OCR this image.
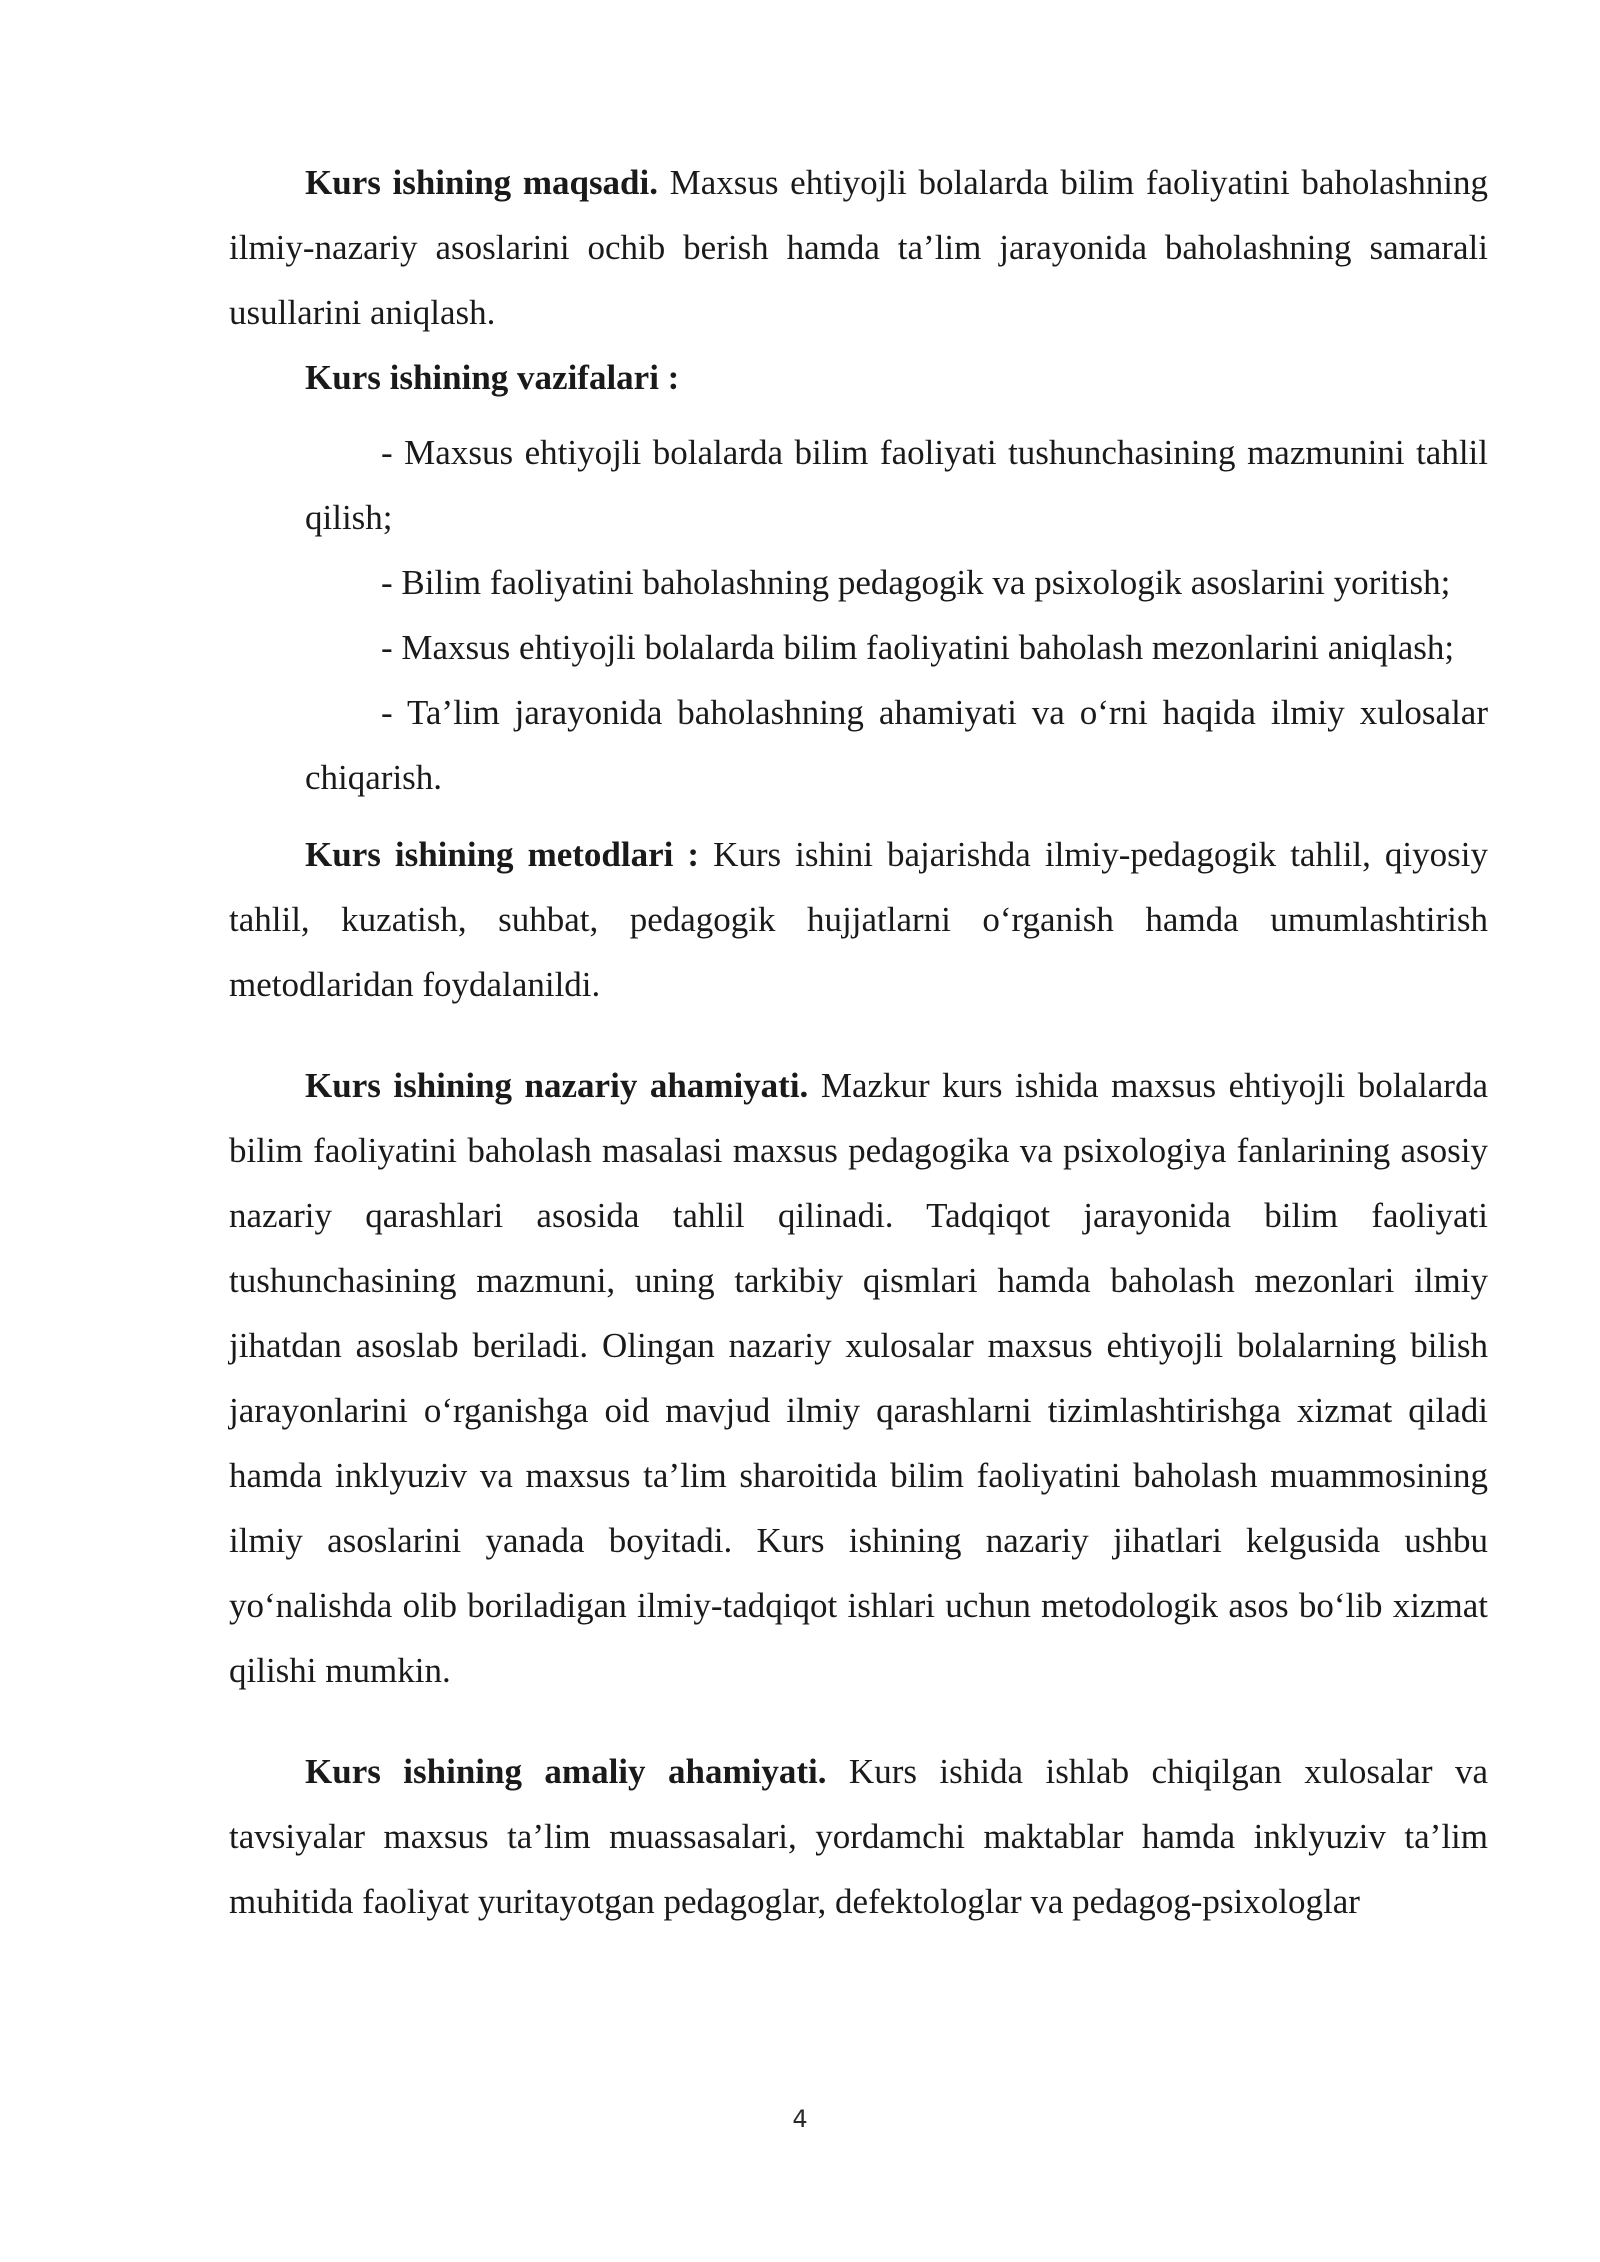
Kurs ishining maqsadi. Maxsus ehtiyojli bolalarda bilim faoliyatini baholashning ilmiy-nazariy asoslarini ochib berish hamda ta’lim jarayonida baholashning samarali usullarini aniqlash.

Kurs ishining vazifalari :

- Maxsus ehtiyojli bolalarda bilim faoliyati tushunchasining mazmunini tahlil qilish;
- Bilim faoliyatini baholashning pedagogik va psixologik asoslarini yoritish;
- Maxsus ehtiyojli bolalarda bilim faoliyatini baholash mezonlarini aniqlash;
- Ta’lim jarayonida baholashning ahamiyati va o‘rni haqida ilmiy xulosalar chiqarish.

Kurs ishining metodlari : Kurs ishini bajarishda ilmiy-pedagogik tahlil, qiyosiy tahlil, kuzatish, suhbat, pedagogik hujjatlarni o‘rganish hamda umumlashtirish metodlaridan foydalanildi.

Kurs ishining nazariy ahamiyati. Mazkur kurs ishida maxsus ehtiyojli bolalarda bilim faoliyatini baholash masalasi maxsus pedagogika va psixologiya fanlarining asosiy nazariy qarashlari asosida tahlil qilinadi. Tadqiqot jarayonida bilim faoliyati tushunchasining mazmuni, uning tarkibiy qismlari hamda baholash mezonlari ilmiy jihatdan asoslab beriladi. Olingan nazariy xulosalar maxsus ehtiyojli bolalarning bilish jarayonlarini o‘rganishga oid mavjud ilmiy qarashlarni tizimlashtirishga xizmat qiladi hamda inklyuziv va maxsus ta’lim sharoitida bilim faoliyatini baholash muammosining ilmiy asoslarini yanada boyitadi. Kurs ishining nazariy jihatlari kelgusida ushbu yo‘nalishda olib boriladigan ilmiy-tadqiqot ishlari uchun metodologik asos bo‘lib xizmat qilishi mumkin.

Kurs ishining amaliy ahamiyati. Kurs ishida ishlab chiqilgan xulosalar va tavsiyalar maxsus ta’lim muassasalari, yordamchi maktablar hamda inklyuziv ta’lim muhitida faoliyat yuritayotgan pedagoglar, defektologlar va pedagog-psixologlar

4
